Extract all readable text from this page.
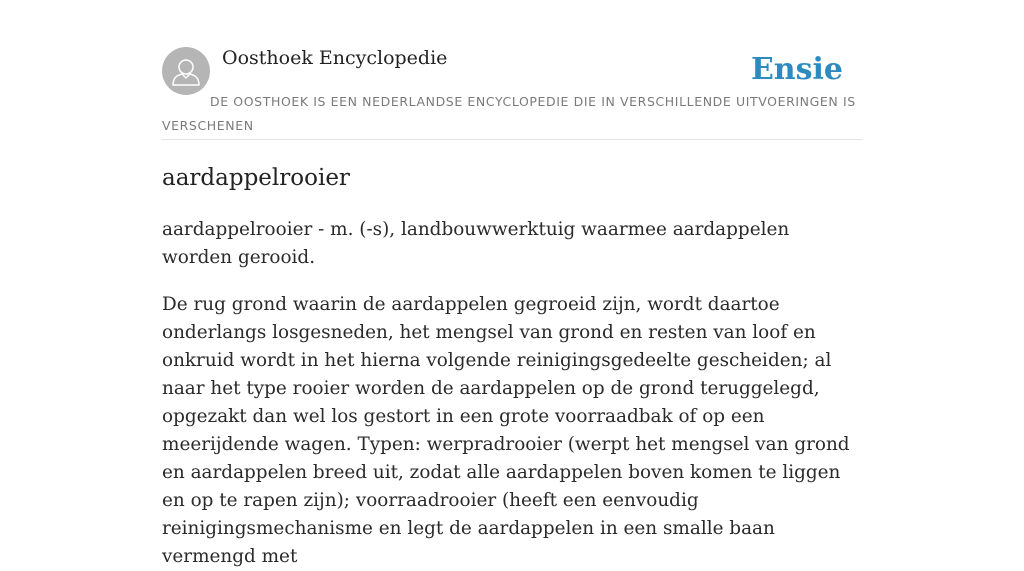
Oosthoek Encyclopedie	Ensie

DE OOSTHOEK IS EEN NEDERLANDSE ENCYCLOPEDIE DIE IN VERSCHILLENDE UITVOERINGEN IS VERSCHENEN

aardappelrooier

aardappelrooier - m. (-s), landbouwwerktuig waarmee aardappelen worden gerooid.

De rug grond waarin de aardappelen gegroeid zijn, wordt daartoe onderlangs losgesneden, het mengsel van grond en resten van loof en onkruid wordt in het hierna volgende reinigingsgedeelte gescheiden; al naar het type rooier worden de aardappelen op de grond teruggelegd, opgezakt dan wel los gestort in een grote voorraadbak of op een meerijdende wagen. Typen: werpradrooier (werpt het mengsel van grond en aardappelen breed uit, zodat alle aardappelen boven komen te liggen en op te rapen zijn); voorraadrooier (heeft een eenvoudig reinigingsmechanisme en legt de aardappelen in een smalle baan vermengd met
